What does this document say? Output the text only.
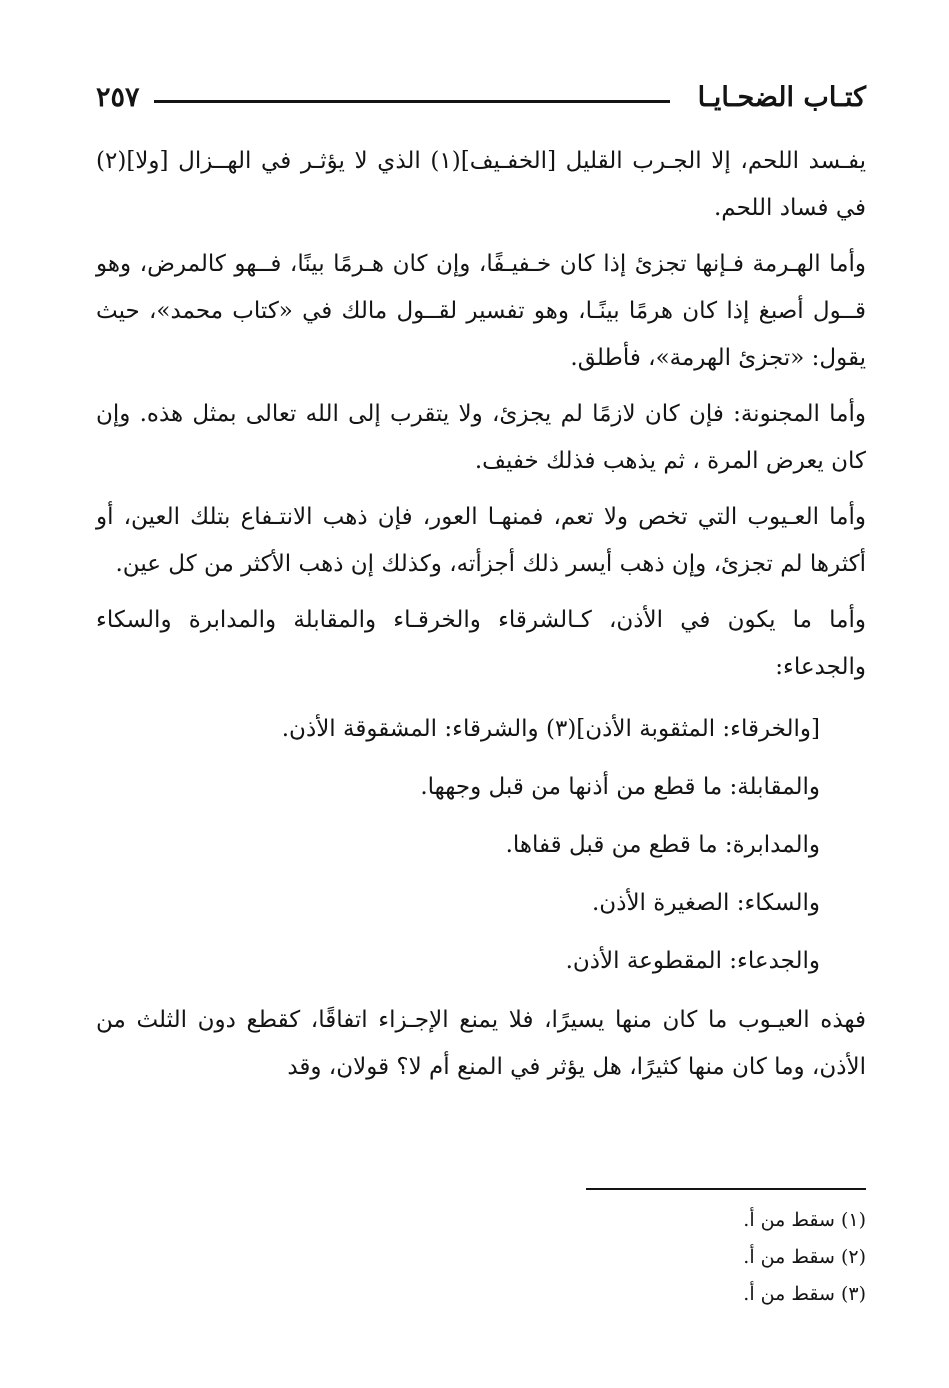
٢٥٧	كتـاب الضحـايـا

يفـسد اللحم، إلا الجـرب القليل [الخفـيف](١) الذي لا يؤثـر في الهــزال [ولا](٢) في فساد اللحم.

وأما الهـرمة فـإنها تجزئ إذا كان خـفيـفًا، وإن كان هـرمًا بينًا، فــهو كالمرض، وهو قــول أصبغ إذا كان هرمًا بينًـا، وهو تفسير لقــول مالك في «كتاب محمد»، حيث يقول: «تجزئ الهرمة»، فأطلق.

وأما المجنونة: فإن كان لازمًا لم يجزئ، ولا يتقرب إلى الله تعالى بمثل هذه. وإن كان يعرض المرة ، ثم يذهب فذلك خفيف.

وأما العـيوب التي تخص ولا تعم، فمنهـا العور، فإن ذهب الانتـفاع بتلك العين، أو أكثرها لم تجزئ، وإن ذهب أيسر ذلك أجزأته، وكذلك إن ذهب الأكثر من كل عين.

وأما ما يكون في الأذن، كـالشرقاء والخرقـاء والمقابلة والمدابرة والسكاء والجدعاء:

[والخرقاء: المثقوبة الأذن](٣) والشرقاء: المشقوقة الأذن.
والمقابلة: ما قطع من أذنها من قبل وجهها.
والمدابرة: ما قطع من قبل قفاها.
والسكاء: الصغيرة الأذن.
والجدعاء: المقطوعة الأذن.

فهذه العيـوب ما كان منها يسيرًا، فلا يمنع الإجـزاء اتفاقًا، كقطع دون الثلث من الأذن، وما كان منها كثيرًا، هل يؤثر في المنع أم لا؟ قولان، وقد

(١) سقط من أ.
(٢) سقط من أ.
(٣) سقط من أ.
